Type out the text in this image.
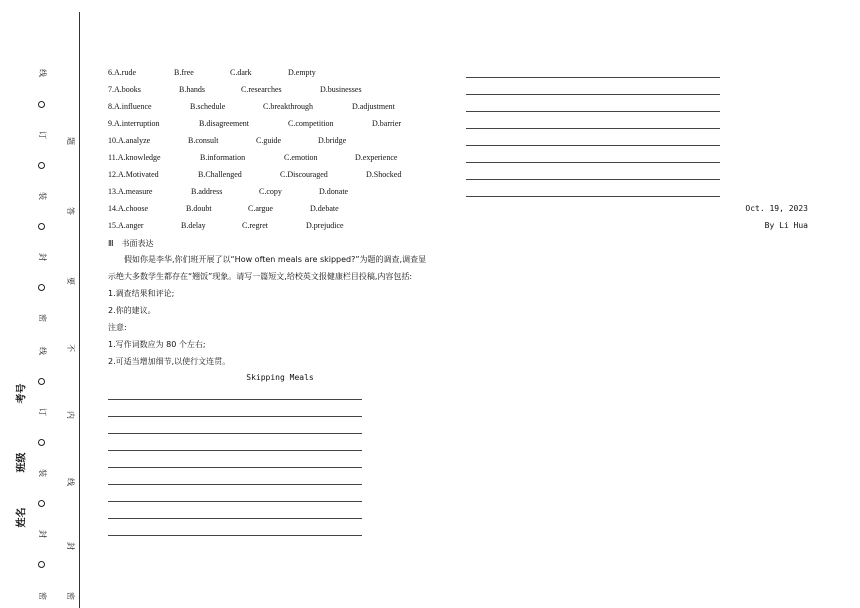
线
订
装
封
密
线
订
装
封
密
题
答
要
不
内
线
封
密
考号
班级
姓名
6.A.rude	B.free	C.dark	D.empty
7.A.books	B.hands	C.researches	D.businesses
8.A.influence	B.schedule	C.breakthrough	D.adjustment
9.A.interruption	B.disagreement	C.competition	D.barrier
10.A.analyze	B.consult	C.guide	D.bridge
11.A.knowledge	B.information	C.emotion	D.experience
12.A.Motivated	B.Challenged	C.Discouraged	D.Shocked
13.A.measure	B.address	C.copy	D.donate
14.A.choose	B.doubt	C.argue	D.debate
15.A.anger	B.delay	C.regret	D.prejudice
Ⅲ 书面表达
假如你是李华,你们班开展了以“How often meals are skipped?”为题的调查,调查显
示绝大多数学生都存在“翘饭”现象。请写一篇短文,给校英文报健康栏目投稿,内容包括:
1.调查结果和评论;
2.你的建议。
注意:
1.写作词数应为 80 个左右;
2.可适当增加细节,以使行文连贯。
Skipping Meals
Oct. 19, 2023
By Li Hua
